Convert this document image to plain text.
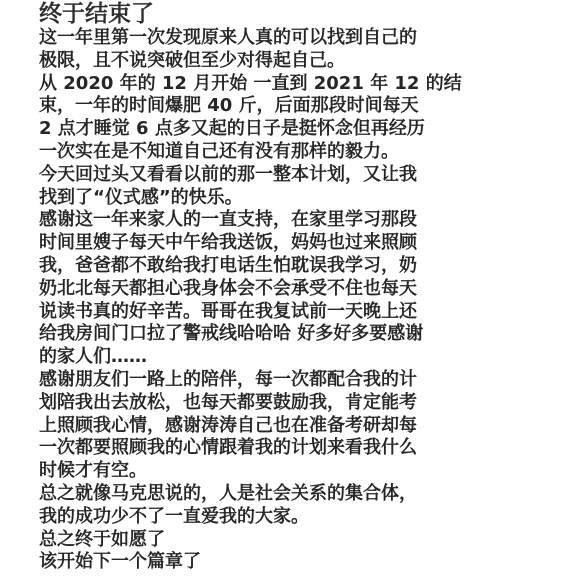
终于结束了
这一年里第一次发现原来人真的可以找到自己的
极限，且不说突破但至少对得起自己。
从 2020 年的 12 月开始 一直到 2021 年 12 的结
束，一年的时间爆肥 40 斤，后面那段时间每天
2 点才睡觉 6 点多又起的日子是挺怀念但再经历
一次实在是不知道自己还有没有那样的毅力。
今天回过头又看看以前的那一整本计划，又让我
找到了“仪式感”的快乐。
感谢这一年来家人的一直支持，在家里学习那段
时间里嫂子每天中午给我送饭，妈妈也过来照顾
我，爸爸都不敢给我打电话生怕耽误我学习，奶
奶北北每天都担心我身体会不会承受不住也每天
说读书真的好辛苦。哥哥在我复试前一天晚上还
给我房间门口拉了警戒线哈哈哈 好多好多要感谢
的家人们……
感谢朋友们一路上的陪伴，每一次都配合我的计
划陪我出去放松，也每天都要鼓励我，肯定能考
上照顾我心情，感谢涛涛自己也在准备考研却每
一次都要照顾我的心情跟着我的计划来看我什么
时候才有空。
总之就像马克思说的，人是社会关系的集合体，
我的成功少不了一直爱我的大家。
总之终于如愿了
该开始下一个篇章了
